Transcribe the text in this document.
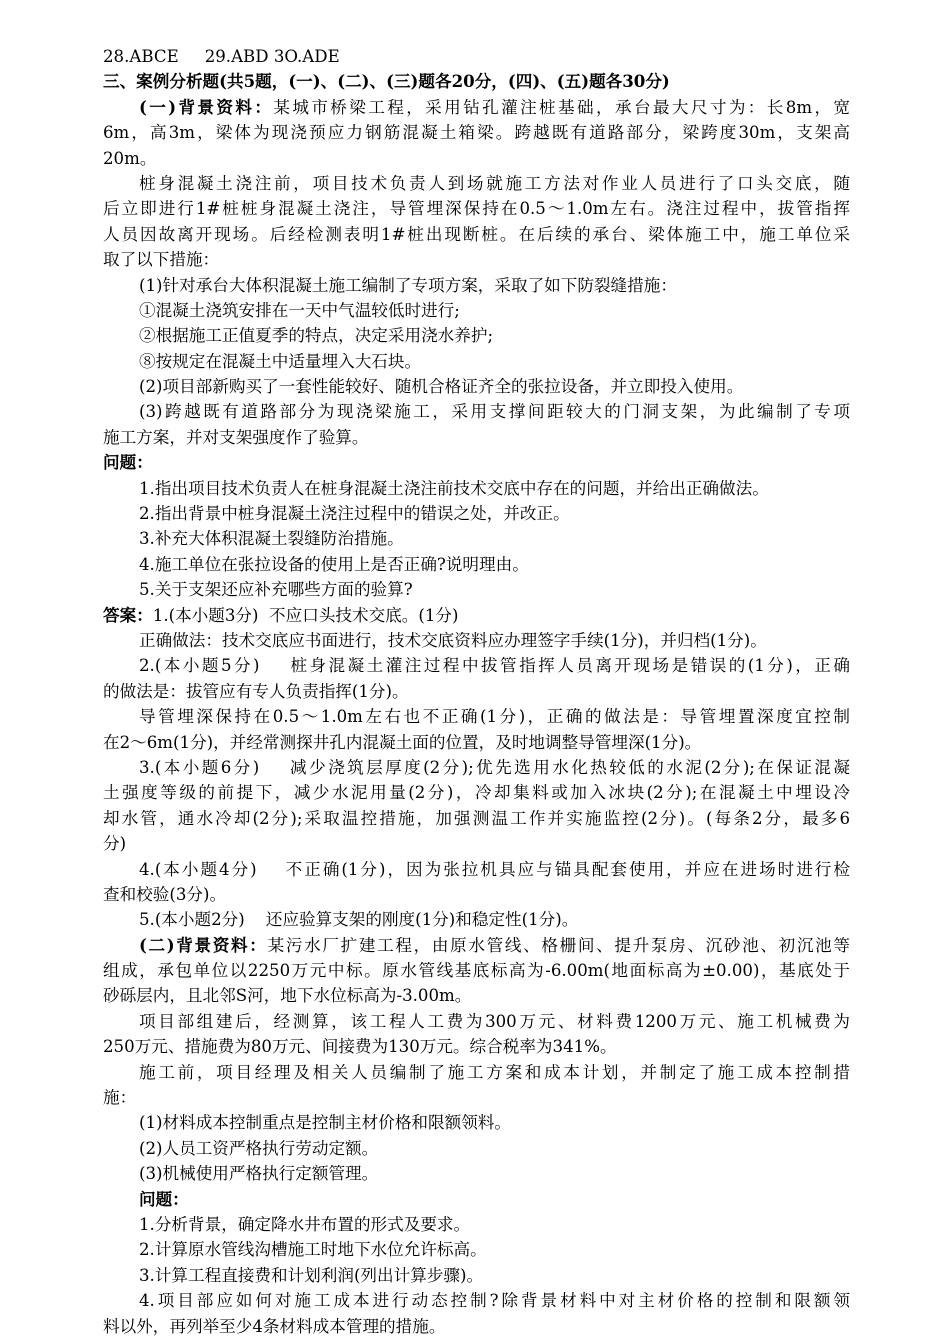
28.ABCE 29.ABD 3O.ADE
三、案例分析题(共5题，(一)、(二)、(三)题各20分，(四)、(五)题各30分)
(一)背景资料：某城市桥梁工程，采用钻孔灌注桩基础，承台最大尺寸为：长8m，宽
6m，高3m，梁体为现浇预应力钢筋混凝土箱梁。跨越既有道路部分，梁跨度30m，支架高
20m。
桩身混凝土浇注前，项目技术负责人到场就施工方法对作业人员进行了口头交底，随
后立即进行1#桩桩身混凝土浇注，导管埋深保持在0.5～1.0m左右。浇注过程中，拔管指挥
人员因故离开现场。后经检测表明1#桩出现断桩。在后续的承台、梁体施工中，施工单位采
取了以下措施：
(1)针对承台大体积混凝土施工编制了专项方案，采取了如下防裂缝措施：
①混凝土浇筑安排在一天中气温较低时进行;
②根据施工正值夏季的特点，决定采用浇水养护;
⑧按规定在混凝土中适量埋入大石块。
(2)项目部新购买了一套性能较好、随机合格证齐全的张拉设备，并立即投入使用。
(3)跨越既有道路部分为现浇梁施工，采用支撑间距较大的门洞支架，为此编制了专项
施工方案，并对支架强度作了验算。
问题：
1.指出项目技术负责人在桩身混凝土浇注前技术交底中存在的问题，并给出正确做法。
2.指出背景中桩身混凝土浇注过程中的错误之处，并改正。
3.补充大体积混凝土裂缝防治措施。
4.施工单位在张拉设备的使用上是否正确?说明理由。
5.关于支架还应补充哪些方面的验算?
答案：1.(本小题3分)  不应口头技术交底。(1分)
正确做法：技术交底应书面进行，技术交底资料应办理签字手续(1分)，并归档(1分)。
2.(本小题5分)    桩身混凝土灌注过程中拔管指挥人员离开现场是错误的(1分)，正确
的做法是：拔管应有专人负责指挥(1分)。
导管埋深保持在0.5～1.0m左右也不正确(1分)，正确的做法是：导管埋置深度宜控制
在2～6m(1分)，并经常测探井孔内混凝土面的位置，及时地调整导管埋深(1分)。
3.(本小题6分)    减少浇筑层厚度(2分);优先选用水化热较低的水泥(2分);在保证混凝
土强度等级的前提下，减少水泥用量(2分)，冷却集料或加入冰块(2分);在混凝土中埋设冷
却水管，通水冷却(2分);采取温控措施，加强测温工作并实施监控(2分)。(每条2分，最多6
分)
4.(本小题4分)    不正确(1分)，因为张拉机具应与锚具配套使用，并应在进场时进行检
查和校验(3分)。
5.(本小题2分)    还应验算支架的刚度(1分)和稳定性(1分)。
(二)背景资料：某污水厂扩建工程，由原水管线、格栅间、提升泵房、沉砂池、初沉池等
组成，承包单位以2250万元中标。原水管线基底标高为-6.00m(地面标高为±0.00)，基底处于
砂砾层内，且北邻S河，地下水位标高为-3.00m。
项目部组建后，经测算，该工程人工费为300万元、材料费1200万元、施工机械费为
250万元、措施费为80万元、间接费为130万元。综合税率为341%。
施工前，项目经理及相关人员编制了施工方案和成本计划，并制定了施工成本控制措
施：
(1)材料成本控制重点是控制主材价格和限额领料。
(2)人员工资严格执行劳动定额。
(3)机械使用严格执行定额管理。
问题：
1.分析背景，确定降水井布置的形式及要求。
2.计算原水管线沟槽施工时地下水位允许标高。
3.计算工程直接费和计划利润(列出计算步骤)。
4.项目部应如何对施工成本进行动态控制?除背景材料中对主材价格的控制和限额领
料以外，再列举至少4条材料成本管理的措施。
